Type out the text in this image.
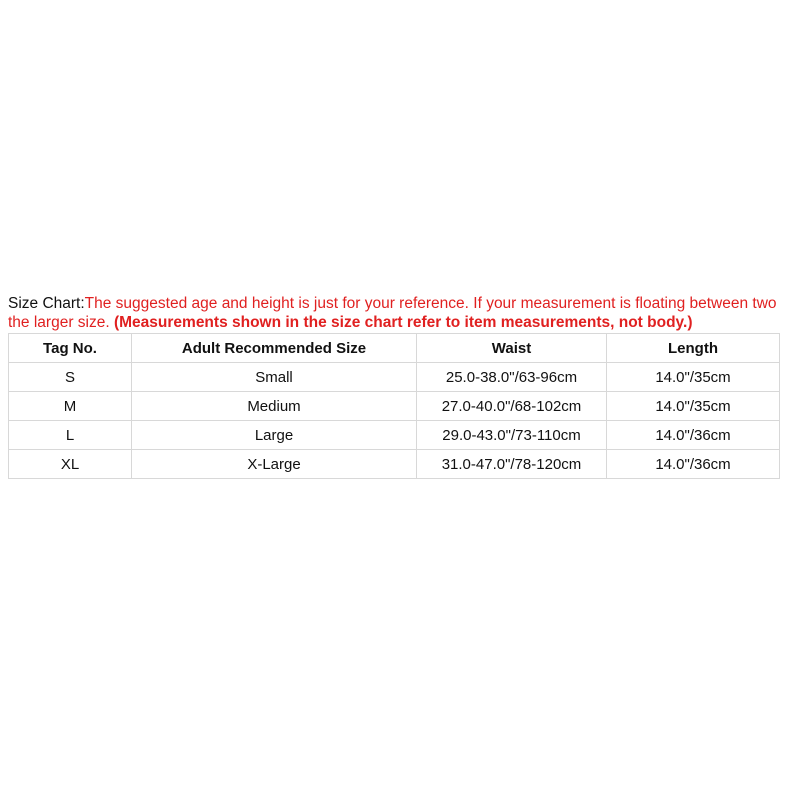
Size Chart:The suggested age and height is just for your reference. If your measurement is floating between two
the larger size. (Measurements shown in the size chart refer to item measurements, not body.)
Tag No.	Adult Recommended Size	Waist	Length
S	Small	25.0-38.0"/63-96cm	14.0"/35cm
M	Medium	27.0-40.0"/68-102cm	14.0"/35cm
L	Large	29.0-43.0"/73-110cm	14.0"/36cm
XL	X-Large	31.0-47.0"/78-120cm	14.0"/36cm
